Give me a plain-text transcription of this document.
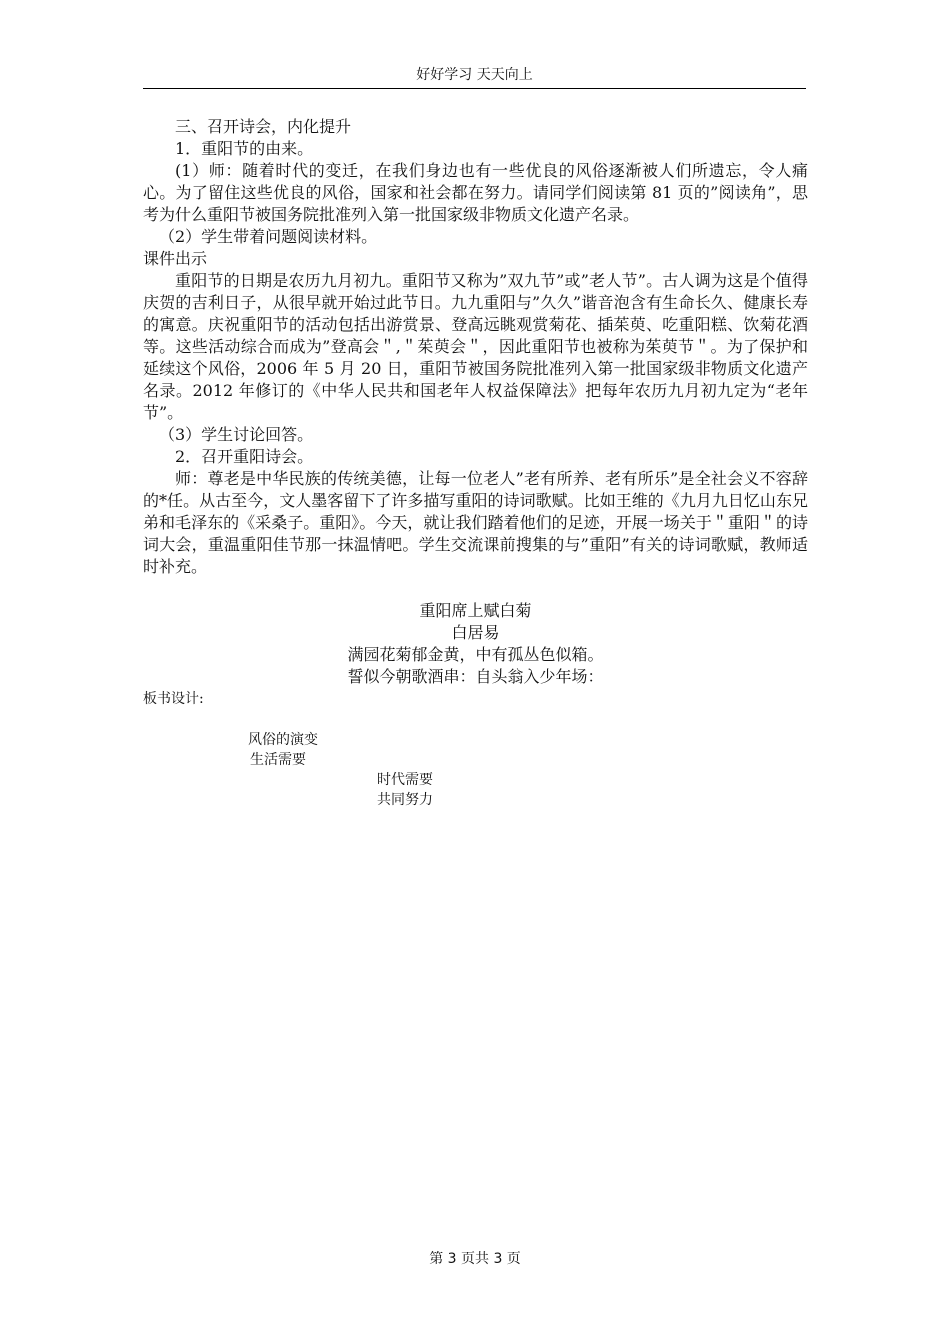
好好学习 天天向上

三、召开诗会，内化提升

1．重阳节的由来。

(1）师：随着时代的变迁，在我们身边也有一些优良的风俗逐渐被人们所遗忘，令人痛心。为了留住这些优良的风俗，国家和社会都在努力。请同学们阅读第 81 页的”阅读角”，思考为什么重阳节被国务院批准列入第一批国家级非物质文化遗产名录。

（2）学生带着问题阅读材料。

课件出示

重阳节的日期是农历九月初九。重阳节又称为”双九节”或”老人节”。古人调为这是个值得庆贺的吉利日子，从很早就开始过此节日。九九重阳与”久久”谐音泡含有生命长久、健康长寿的寓意。庆祝重阳节的活动包括出游赏景、登高远眺观赏菊花、插茱萸、吃重阳糕、饮菊花酒等。这些活动综合而成为”登高会＂,＂茱萸会＂，因此重阳节也被称为茱萸节＂。为了保护和延续这个风俗，2006 年 5 月 20 日，重阳节被国务院批准列入第一批国家级非物质文化遗产名录。2012 年修订的《中华人民共和国老年人权益保障法》把每年农历九月初九定为“老年节”。

（3）学生讨论回答。

2．召开重阳诗会。

师：尊老是中华民族的传统美德，让每一位老人”老有所养、老有所乐”是全社会义不容辞的*任。从古至今，文人墨客留下了许多描写重阳的诗词歌赋。比如王维的《九月九日忆山东兄弟和毛泽东的《采桑子。重阳》。今天，就让我们踏着他们的足迹，开展一场关于＂重阳＂的诗词大会，重温重阳佳节那一抹温情吧。学生交流课前搜集的与”重阳”有关的诗词歌赋，教师适时补充。

重阳席上赋白菊

白居易

满园花菊郁金黄，中有孤丛色似箱。

誓似今朝歌酒串：自头翁入少年场：

板书设计:

风俗的演变
生活需要
时代需要
共同努力
第 3 页共 3 页
